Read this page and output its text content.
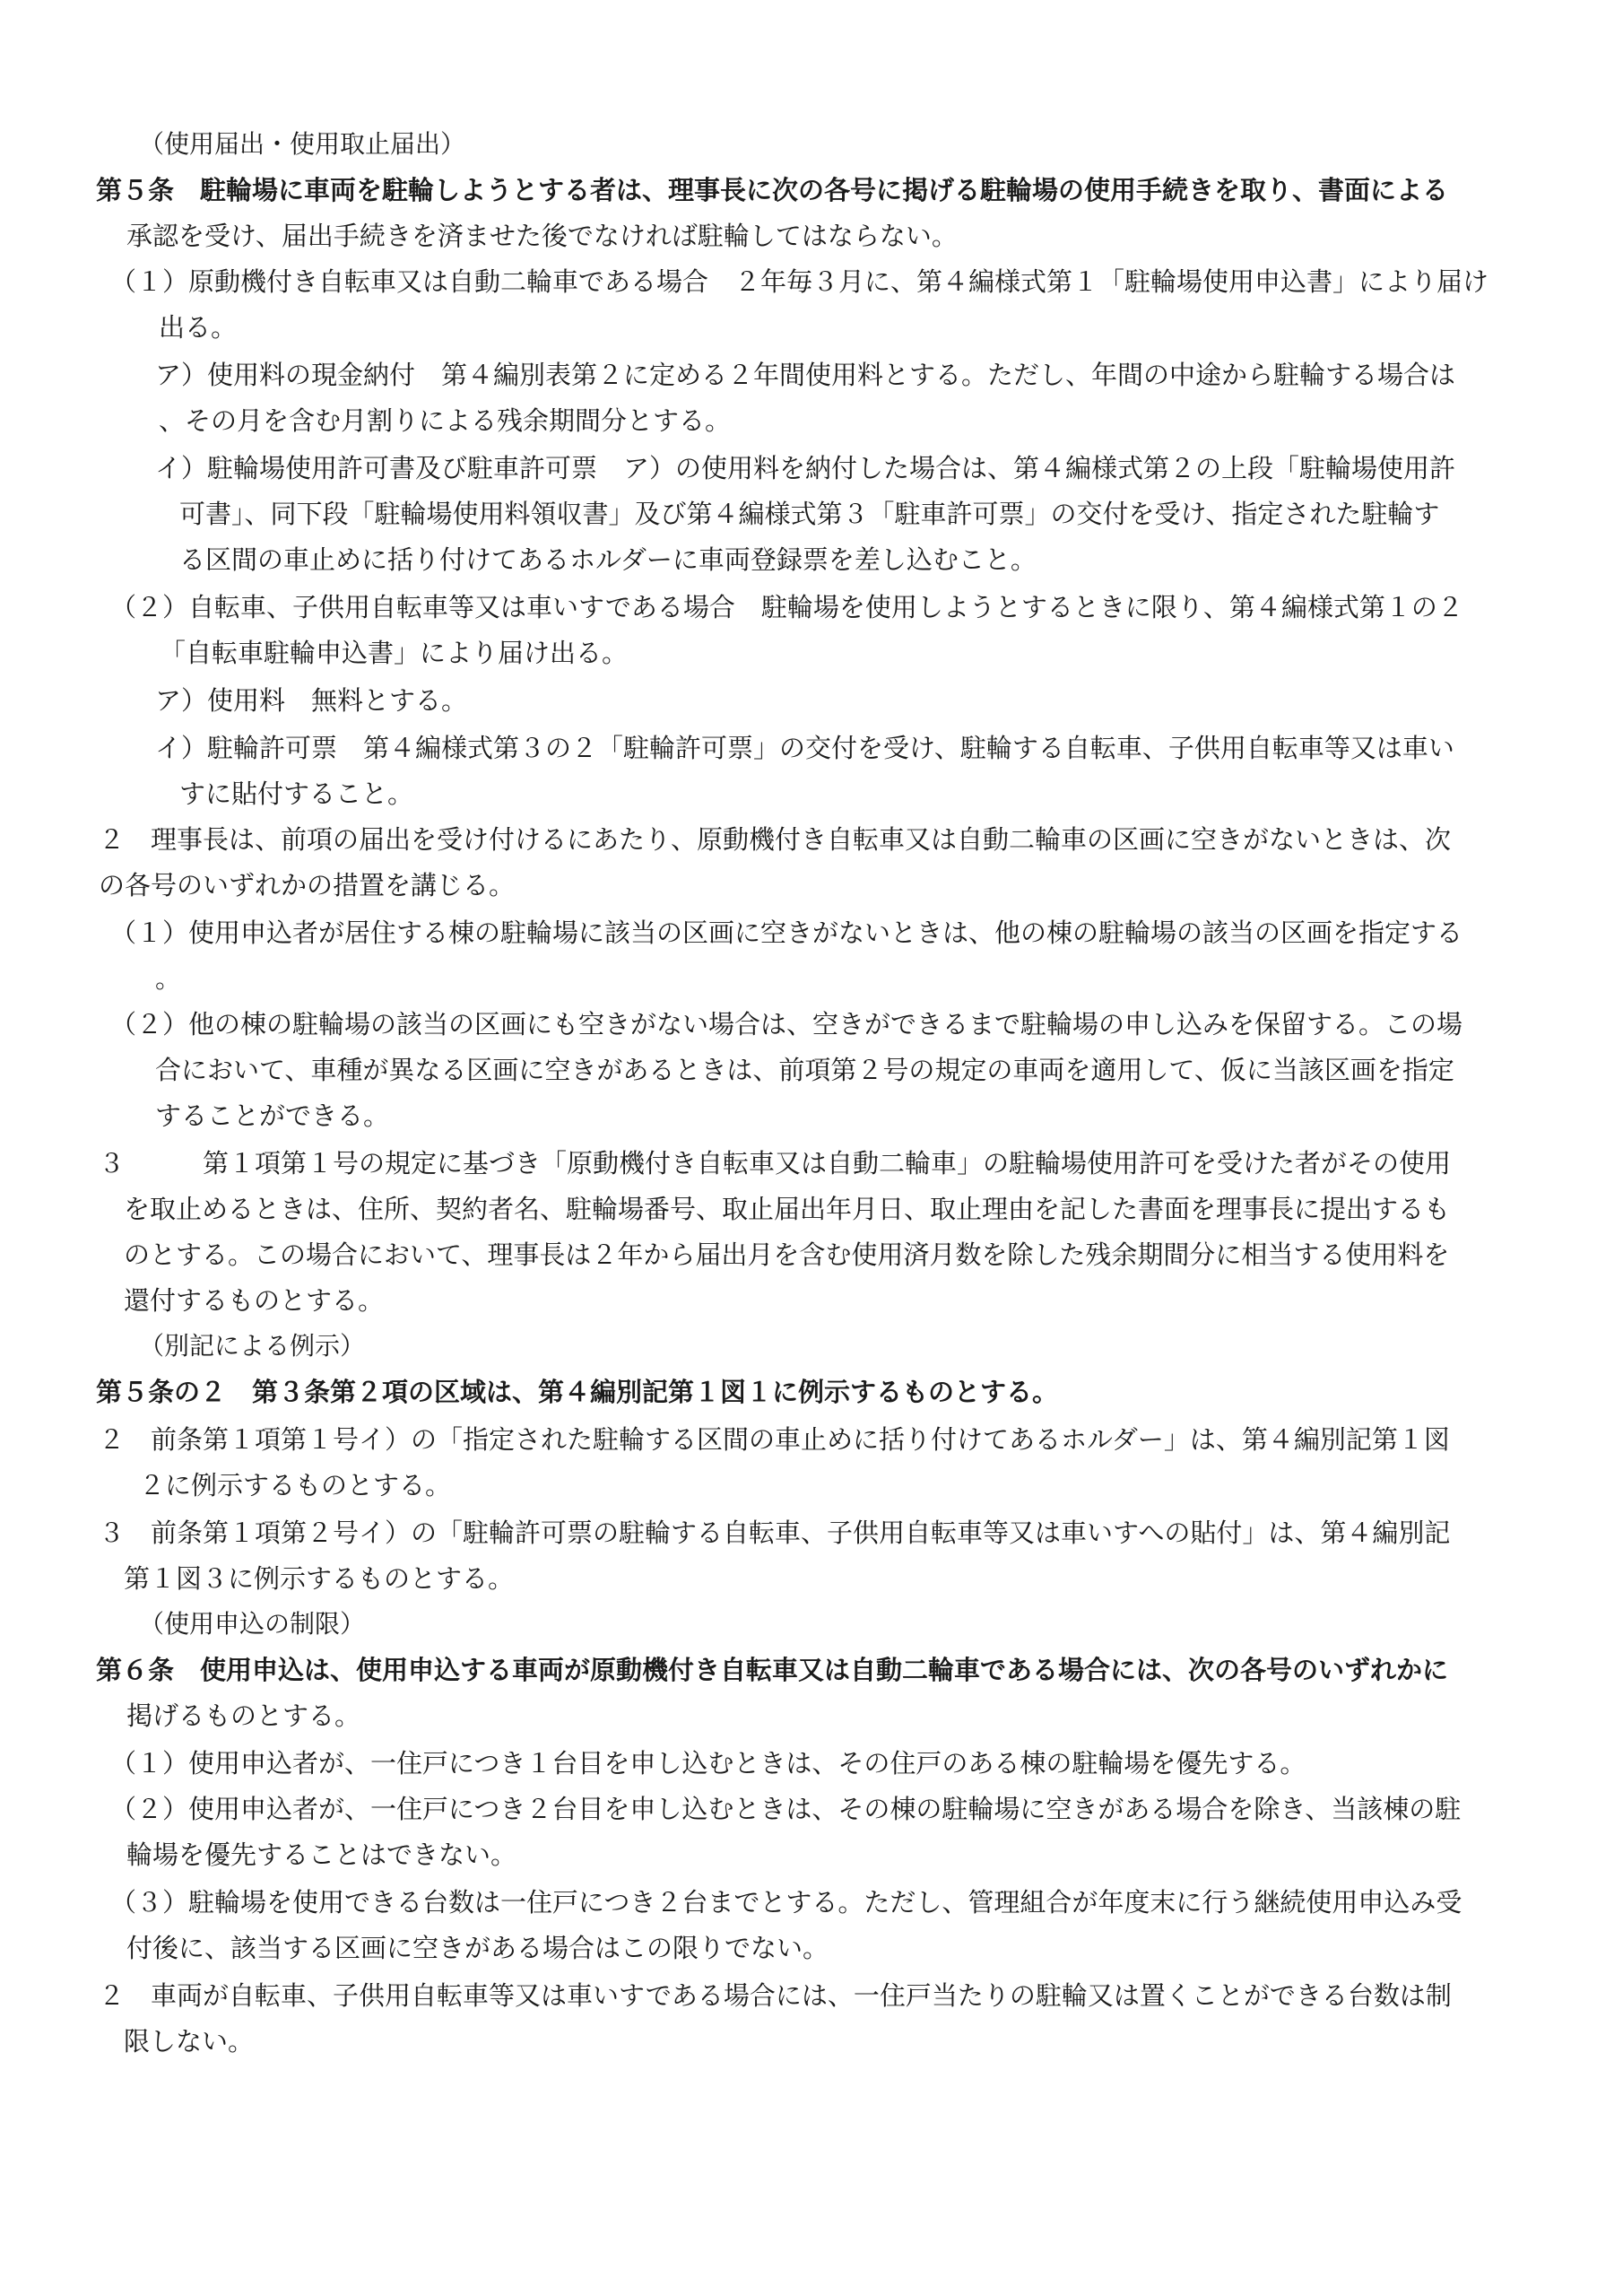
（使用届出・使用取止届出）

第５条　駐輪場に車両を駐輪しようとする者は、理事長に次の各号に掲げる駐輪場の使用手続きを取り、書面による

承認を受け、届出手続きを済ませた後でなければ駐輪してはならない。

（１）原動機付き自転車又は自動二輪車である場合　２年毎３月に、第４編様式第１「駐輪場使用申込書」により届け

出る。

ア）使用料の現金納付　第４編別表第２に定める２年間使用料とする。ただし、年間の中途から駐輪する場合は

、その月を含む月割りによる残余期間分とする。

イ）駐輪場使用許可書及び駐車許可票　ア）の使用料を納付した場合は、第４編様式第２の上段「駐輪場使用許

可書」、同下段「駐輪場使用料領収書」及び第４編様式第３「駐車許可票」の交付を受け、指定された駐輪す

る区間の車止めに括り付けてあるホルダーに車両登録票を差し込むこと。

（２）自転車、子供用自転車等又は車いすである場合　駐輪場を使用しようとするときに限り、第４編様式第１の２

「自転車駐輪申込書」により届け出る。

ア）使用料　無料とする。

イ）駐輪許可票　第４編様式第３の２「駐輪許可票」の交付を受け、駐輪する自転車、子供用自転車等又は車い

すに貼付すること。

２　理事長は、前項の届出を受け付けるにあたり、原動機付き自転車又は自動二輪車の区画に空きがないときは、次

の各号のいずれかの措置を講じる。

（１）使用申込者が居住する棟の駐輪場に該当の区画に空きがないときは、他の棟の駐輪場の該当の区画を指定する

。

（２）他の棟の駐輪場の該当の区画にも空きがない場合は、空きができるまで駐輪場の申し込みを保留する。この場

合において、車種が異なる区画に空きがあるときは、前項第２号の規定の車両を適用して、仮に当該区画を指定

することができる。

３　　　第１項第１号の規定に基づき「原動機付き自転車又は自動二輪車」の駐輪場使用許可を受けた者がその使用

を取止めるときは、住所、契約者名、駐輪場番号、取止届出年月日、取止理由を記した書面を理事長に提出するも

のとする。この場合において、理事長は２年から届出月を含む使用済月数を除した残余期間分に相当する使用料を

還付するものとする。

（別記による例示）

第５条の２　第３条第２項の区域は、第４編別記第１図１に例示するものとする。

２　前条第１項第１号イ）の「指定された駐輪する区間の車止めに括り付けてあるホルダー」は、第４編別記第１図

２に例示するものとする。

３　前条第１項第２号イ）の「駐輪許可票の駐輪する自転車、子供用自転車等又は車いすへの貼付」は、第４編別記

第１図３に例示するものとする。

（使用申込の制限）

第６条　使用申込は、使用申込する車両が原動機付き自転車又は自動二輪車である場合には、次の各号のいずれかに

掲げるものとする。

（１）使用申込者が、一住戸につき１台目を申し込むときは、その住戸のある棟の駐輪場を優先する。

（２）使用申込者が、一住戸につき２台目を申し込むときは、その棟の駐輪場に空きがある場合を除き、当該棟の駐

輪場を優先することはできない。

（３）駐輪場を使用できる台数は一住戸につき２台までとする。ただし、管理組合が年度末に行う継続使用申込み受

付後に、該当する区画に空きがある場合はこの限りでない。

２　車両が自転車、子供用自転車等又は車いすである場合には、一住戸当たりの駐輪又は置くことができる台数は制

限しない。
